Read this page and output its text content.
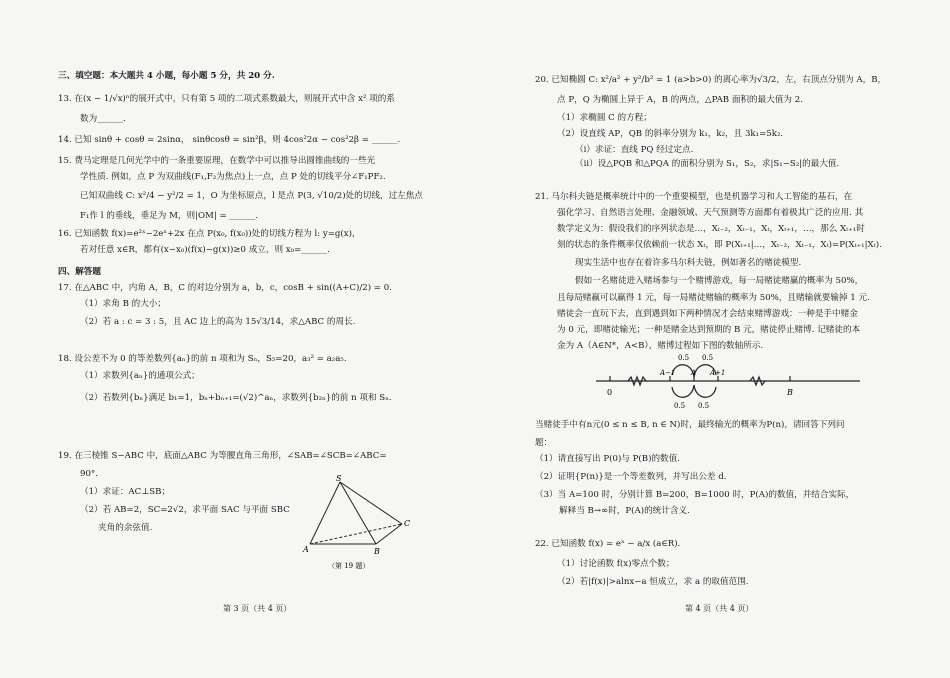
三、填空题：本大题共 4 小题，每小题 5 分，共 20 分.
13. 在(x − 1/√x)ⁿ的展开式中，只有第 5 项的二项式系数最大，则展开式中含 x² 项的系
数为______.
14. 已知 sinθ + cosθ = 2sinα， sinθcosθ = sin²β，则 4cos²2α − cos²2β = ______.
15. 费马定理是几何光学中的一条重要原理，在数学中可以推导出圆锥曲线的一些光
学性质. 例如，点 P 为双曲线(F₁,F₂为焦点)上一点，点 P 处的切线平分∠F₁PF₂.
已知双曲线 C: x²/4 − y²/2 = 1，O 为坐标原点，l 是点 P(3, √10/2)处的切线，过左焦点
F₁作 l 的垂线，垂足为 M，则|OM| = ______.
16. 已知函数 f(x)=e²ˣ−2eˣ+2x 在点 P(x₀, f(x₀))处的切线方程为 l: y=g(x)，
若对任意 x∈R，都有(x−x₀)(f(x)−g(x))≥0 成立，则 x₀=______.
四、解答题
17. 在△ABC 中，内角 A，B，C 的对边分别为 a，b，c，cosB + sin((A+C)/2) = 0.
（1）求角 B 的大小；
（2）若 a : c = 3 : 5，且 AC 边上的高为 15√3/14，求△ABC 的周长.
18. 设公差不为 0 的等差数列{aₙ}的前 n 项和为 Sₙ，S₅=20，a₃² = a₂a₅.
（1）求数列{aₙ}的通项公式；
（2）若数列{bₙ}满足 b₁=1，bₙ+bₙ₊₁=(√2)^aₙ，求数列{b₂ₙ}的前 n 项和 Sₙ.
19. 在三棱锥 S−ABC 中，底面△ABC 为等腰直角三角形，∠SAB=∠SCB=∠ABC=
90°.
（1）求证：AC⊥SB；
（2）若 AB=2，SC=2√2，求平面 SAC 与平面 SBC
夹角的余弦值.
S
A	B
C
（第 19 题）
第 3 页（共 4 页）
20. 已知椭圆 C: x²/a² + y²/b² = 1 (a>b>0) 的离心率为√3/2，左，右顶点分别为 A，B，
点 P，Q 为椭圆上异于 A，B 的两点，△PAB 面积的最大值为 2.
（1）求椭圆 C 的方程；
（2）设直线 AP，QB 的斜率分别为 k₁，k₂，且 3k₁=5k₂.
（i）求证：直线 PQ 经过定点.
（ii）设△PQB 和△PQA 的面积分别为 S₁，S₂，求|S₁−S₂|的最大值.
21. 马尔科夫链是概率统计中的一个重要模型，也是机器学习和人工智能的基石，在
强化学习、自然语言处理、金融领域、天气预测等方面都有着极其广泛的应用. 其
数学定义为：假设我们的序列状态是…，Xₜ₋₂，Xₜ₋₁，Xₜ，Xₜ₊₁，…，那么 Xₜ₊₁时
刻的状态的条件概率仅依赖前一状态 Xₜ，即 P(Xₜ₊₁|…，Xₜ₋₂，Xₜ₋₁，Xₜ)=P(Xₜ₊₁|Xₜ).
现实生活中也存在着许多马尔科夫链，例如著名的赌徒模型.
假如一名赌徒进入赌场参与一个赌博游戏，每一局赌徒赌赢的概率为 50%，
且每局赌赢可以赢得 1 元，每一局赌徒赌输的概率为 50%，且赌输就要输掉 1 元.
赌徒会一直玩下去，直到遇到如下两种情况才会结束赌博游戏：一种是手中赌金
为 0 元，即赌徒输光；一种是赌金达到预期的 B 元，赌徒停止赌博. 记赌徒的本
金为 A（A∈N*，A<B），赌博过程如下图的数轴所示.
0
A−1 A A+1
B
0.5 0.5
0.5 0.5
当赌徒手中有n元(0 ≤ n ≤ B, n ∈ N)时，最终输光的概率为P(n)，请回答下列问
题：
（1）请直接写出 P(0)与 P(B)的数值.
（2）证明{P(n)}是一个等差数列，并写出公差 d.
（3）当 A=100 时，分别计算 B=200，B=1000 时，P(A)的数值，并结合实际，
解释当 B→∞时，P(A)的统计含义.
22. 已知函数 f(x) = eˣ − a/x (a∈R).
（1）讨论函数 f(x)零点个数；
（2）若|f(x)|>alnx−a 恒成立，求 a 的取值范围.
第 4 页（共 4 页）
